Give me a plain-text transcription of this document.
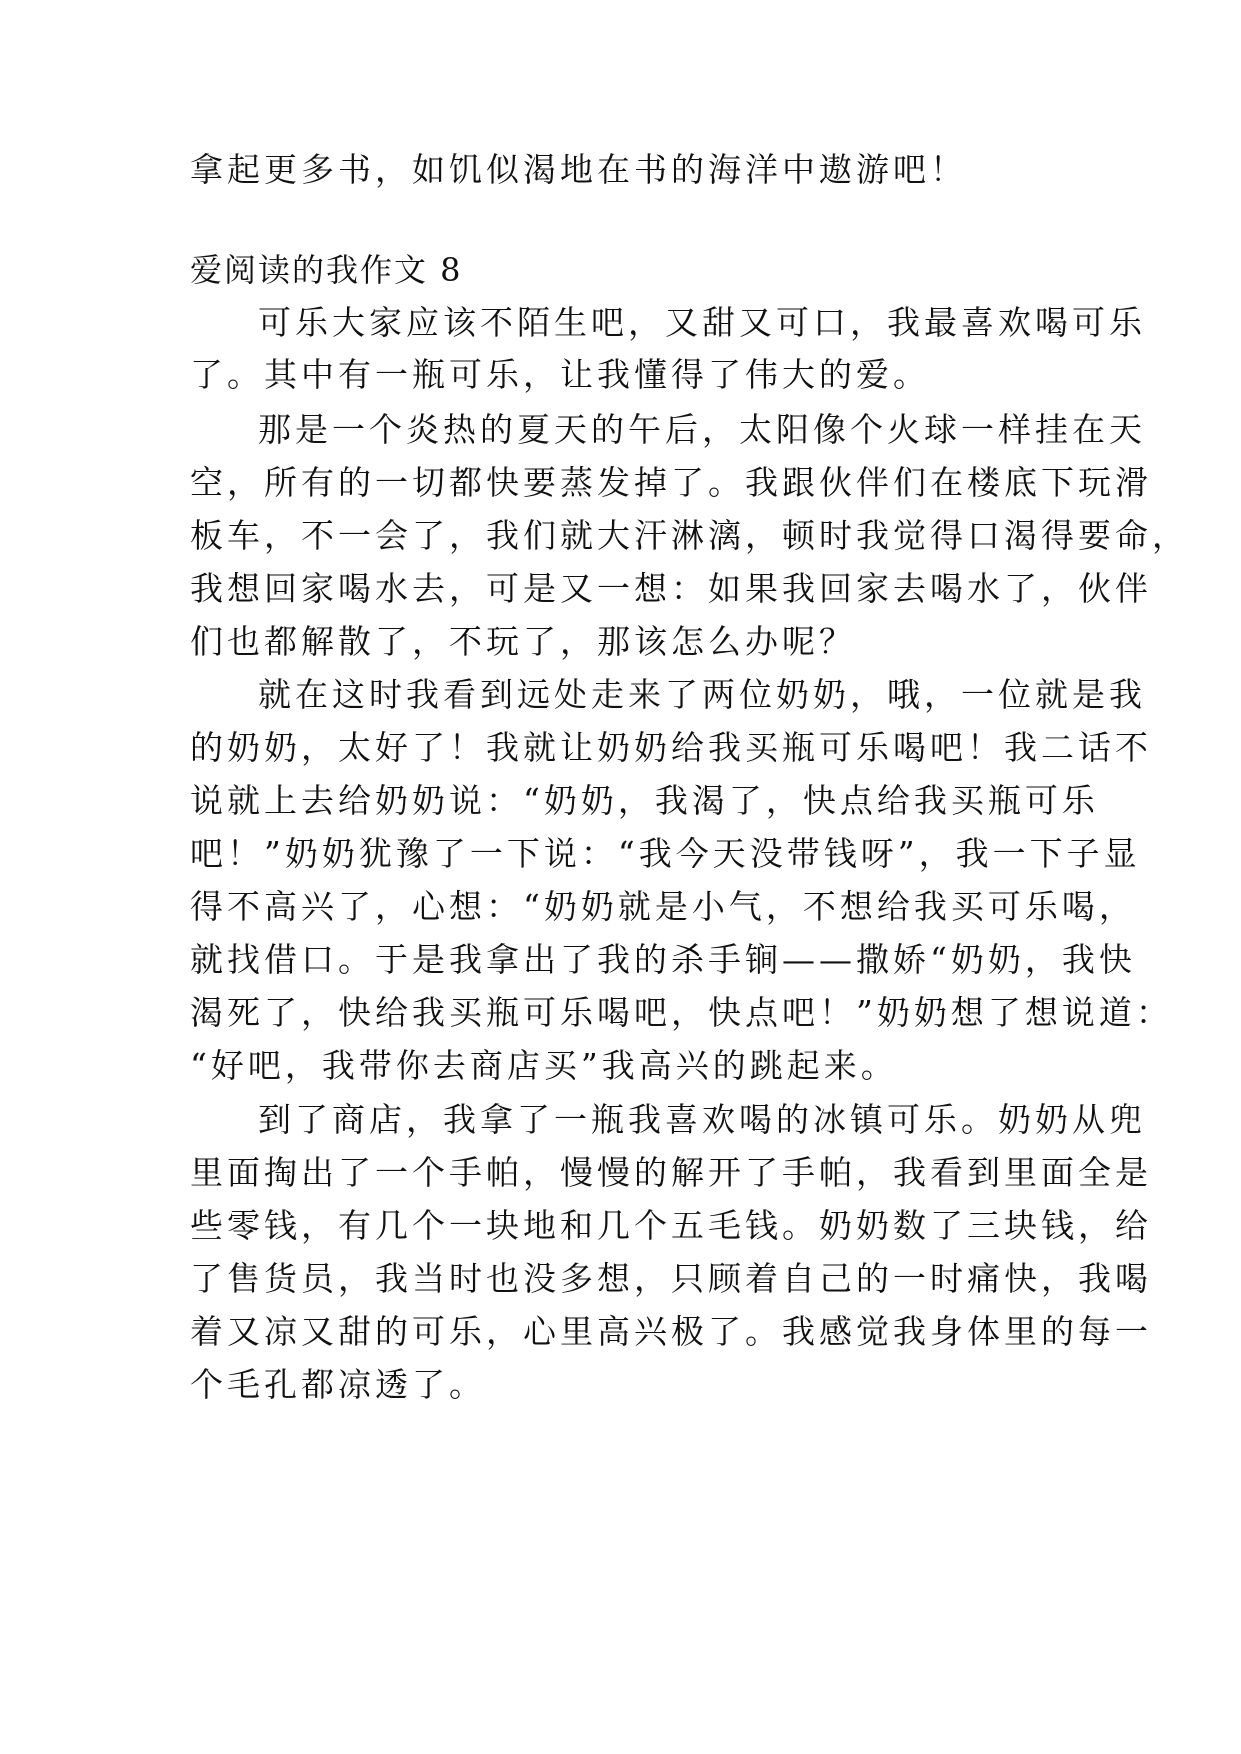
拿起更多书，如饥似渴地在书的海洋中遨游吧！
爱阅读的我作文 8
可乐大家应该不陌生吧，又甜又可口，我最喜欢喝可乐
了。其中有一瓶可乐，让我懂得了伟大的爱。
那是一个炎热的夏天的午后，太阳像个火球一样挂在天
空，所有的一切都快要蒸发掉了。我跟伙伴们在楼底下玩滑
板车，不一会了，我们就大汗淋漓，顿时我觉得口渴得要命，
我想回家喝水去，可是又一想：如果我回家去喝水了，伙伴
们也都解散了，不玩了，那该怎么办呢？
就在这时我看到远处走来了两位奶奶，哦，一位就是我
的奶奶，太好了！我就让奶奶给我买瓶可乐喝吧！我二话不
说就上去给奶奶说：“奶奶，我渴了，快点给我买瓶可乐
吧！”奶奶犹豫了一下说：“我今天没带钱呀”，我一下子显
得不高兴了，心想：“奶奶就是小气，不想给我买可乐喝，
就找借口。于是我拿出了我的杀手锏——撒娇“奶奶，我快
渴死了，快给我买瓶可乐喝吧，快点吧！”奶奶想了想说道：
“好吧，我带你去商店买”我高兴的跳起来。
到了商店，我拿了一瓶我喜欢喝的冰镇可乐。奶奶从兜
里面掏出了一个手帕，慢慢的解开了手帕，我看到里面全是
些零钱，有几个一块地和几个五毛钱。奶奶数了三块钱，给
了售货员，我当时也没多想，只顾着自己的一时痛快，我喝
着又凉又甜的可乐，心里高兴极了。我感觉我身体里的每一
个毛孔都凉透了。
